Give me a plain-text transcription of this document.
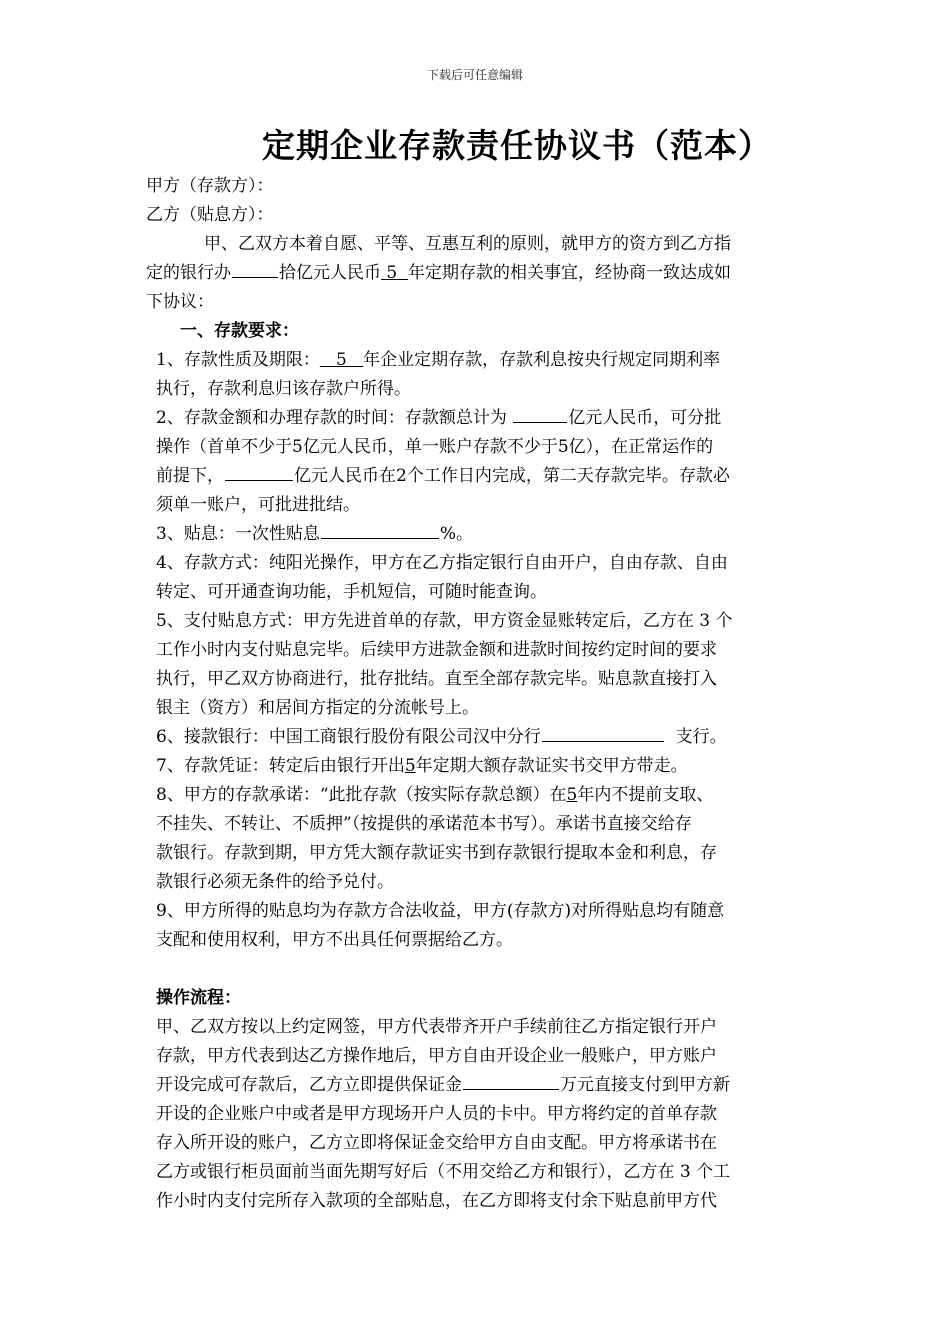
下载后可任意编辑
定期企业存款责任协议书（范本）
甲方（存款方）：
乙方（贴息方）：
甲、乙双方本着自愿、平等、互惠互利的原则，就甲方的资方到乙方指
定的银行办	拾亿元人民币 5 年定期存款的相关事宜，经协商一致达成如
下协议：
一、存款要求：
1、存款性质及期限： 5 年企业定期存款，存款利息按央行规定同期利率
执行，存款利息归该存款户所得。
2、存款金额和办理存款的时间：存款额总计为	亿元人民币，可分批
操作（首单不少于5亿元人民币，单一账户存款不少于5亿），在正常运作的
前提下，	亿元人民币在2个工作日内完成，第二天存款完毕。存款必
须单一账户，可批进批结。
3、贴息：一次性贴息	%。
4、存款方式：纯阳光操作，甲方在乙方指定银行自由开户，自由存款、自由
转定、可开通查询功能，手机短信，可随时能查询。
5、支付贴息方式：甲方先进首单的存款，甲方资金显账转定后，乙方在 3 个
工作小时内支付贴息完毕。后续甲方进款金额和进款时间按约定时间的要求
执行，甲乙双方协商进行，批存批结。直至全部存款完毕。贴息款直接打入
银主（资方）和居间方指定的分流帐号上。
6、接款银行：中国工商银行股份有限公司汉中分行	支行。
7、存款凭证：转定后由银行开出5年定期大额存款证实书交甲方带走。
8、甲方的存款承诺：“此批存款（按实际存款总额）在5年内不提前支取、
不挂失、不转让、不质押”（按提供的承诺范本书写）。承诺书直接交给存
款银行。存款到期，甲方凭大额存款证实书到存款银行提取本金和利息，存
款银行必须无条件的给予兑付。
9、甲方所得的贴息均为存款方合法收益，甲方(存款方)对所得贴息均有随意
支配和使用权利，甲方不出具任何票据给乙方。
操作流程：
甲、乙双方按以上约定网签，甲方代表带齐开户手续前往乙方指定银行开户
存款，甲方代表到达乙方操作地后，甲方自由开设企业一般账户，甲方账户
开设完成可存款后，乙方立即提供保证金	万元直接支付到甲方新
开设的企业账户中或者是甲方现场开户人员的卡中。甲方将约定的首单存款
存入所开设的账户，乙方立即将保证金交给甲方自由支配。甲方将承诺书在
乙方或银行柜员面前当面先期写好后（不用交给乙方和银行），乙方在 3 个工
作小时内支付完所存入款项的全部贴息，在乙方即将支付余下贴息前甲方代
